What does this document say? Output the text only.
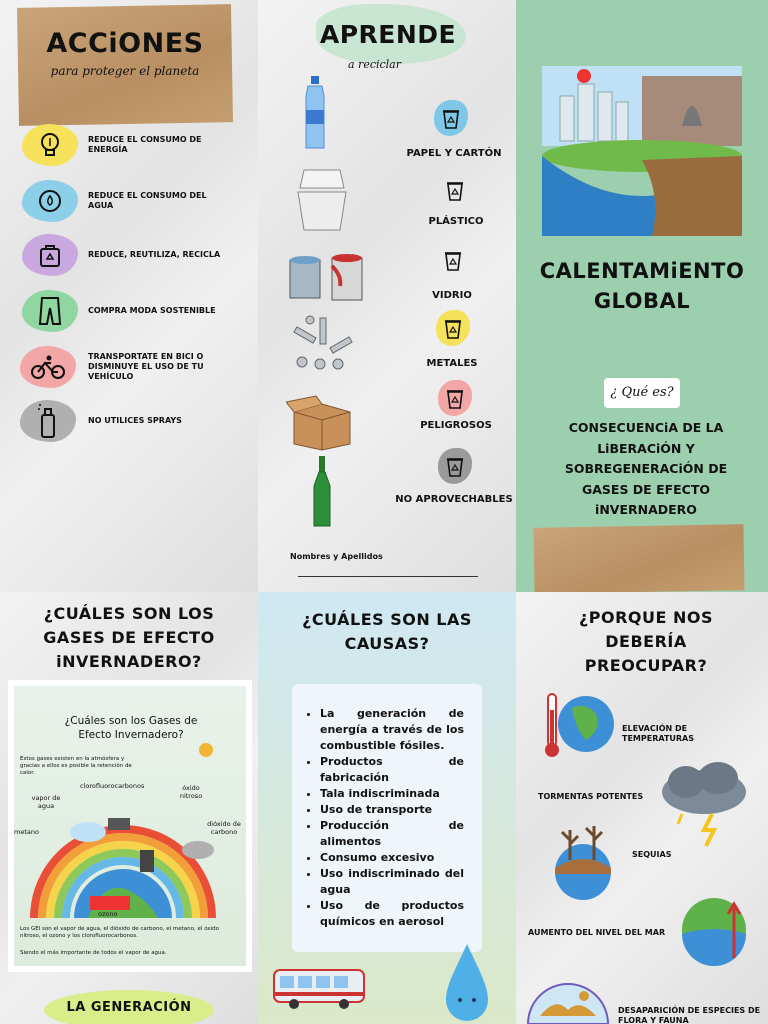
ACCiONES
para proteger el planeta
REDUCE EL CONSUMO DE ENERGÍA
REDUCE EL CONSUMO DEL AGUA
REDUCE, REUTILIZA, RECICLA
COMPRA MODA SOSTENIBLE
TRANSPORTATE EN BICI O DISMINUYE EL USO DE TU VEHÍCULO
NO UTILICES SPRAYS
APRENDE
a reciclar
PAPEL Y CARTÓN
PLÁSTICO
VIDRIO
METALES
PELIGROSOS
NO APROVECHABLES
Nombres y Apellidos
CALENTAMiENTO GLOBAL
¿ Qué es?
CONSECUENCiA DE LA LiBERACiÓN Y SOBREGENERACiÓN DE GASES DE EFECTO iNVERNADERO
¿CUÁLES SON LOS GASES DE EFECTO iNVERNADERO?
¿Cuáles son los Gases de Efecto Invernadero?
Estos gases existen en la atmósfera y gracias a ellos es posible la retención de calor.
vapor de agua
clorofluorocarbonos	óxido nitroso
dióxido de carbono
metano
ozono
Los GEI son el vapor de agua, el dióxido de carbono, el metano, el óxido nitroso, el ozono y los clorofluorocarbonos.
Siendo el más importante de todos el vapor de agua.
LA GENERACIÓN
¿CUÁLES SON LAS CAUSAS?
• La generación de energía a través de los combustible fósiles.
• Productos de fabricación
• Tala indiscriminada
• Uso de transporte
• Producción de alimentos
• Consumo excesivo
• Uso indiscriminado del agua
• Uso de productos químicos en aerosol
¿PORQUE NOS DEBERÍA PREOCUPAR?
ELEVACIÓN DE TEMPERATURAS
TORMENTAS POTENTES
SEQUIAS
AUMENTO DEL NIVEL DEL MAR
DESAPARICIÓN DE ESPECIES DE FLORA Y FAUNA
